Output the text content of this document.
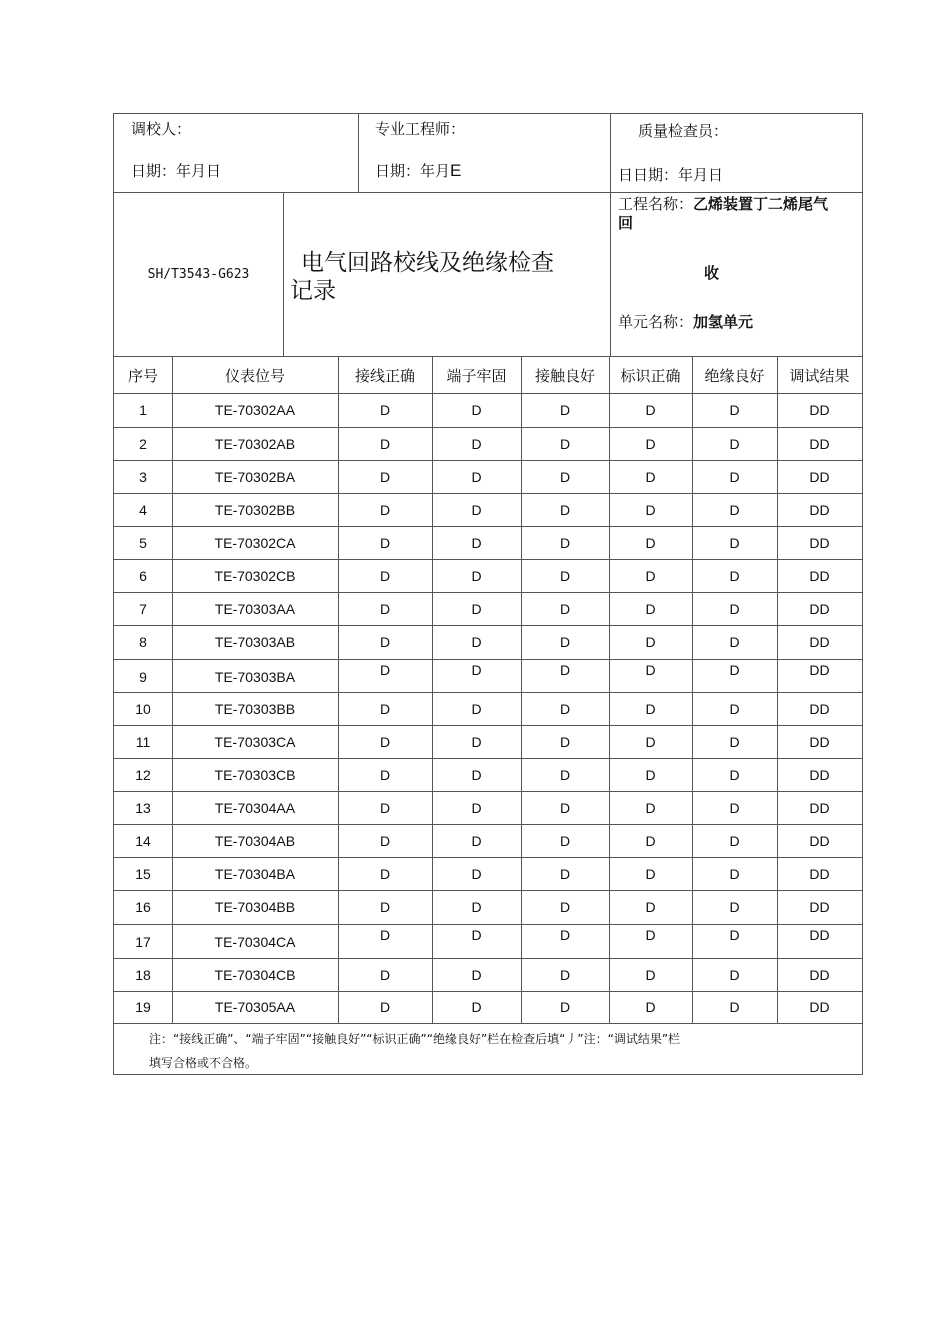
调校人：
日期：年月日
专业工程师：
日期：年月E
质量检查员：
日日期：年月日
SH/T3543-G623	电气回路校线及绝缘检查
记录
工程名称：乙烯装置丁二烯尾气
回
收
单元名称：加氢单元
注：“接线正确”、“端子牢固”“接触良好”“标识正确”“绝缘良好”栏在检查后填“丿”注：“调试结果”栏
填写合格或不合格。
序号	仪表位号	接线正确	端子牢固	接触良好	标识正确	绝缘良好	调试结果
1	TE-70302AA	D	D	D	D	D	DD
2	TE-70302AB	D	D	D	D	D	DD
3	TE-70302BA	D	D	D	D	D	DD
4	TE-70302BB	D	D	D	D	D	DD
5	TE-70302CA	D	D	D	D	D	DD
6	TE-70302CB	D	D	D	D	D	DD
7	TE-70303AA	D	D	D	D	D	DD
8	TE-70303AB	D	D	D	D	D	DD
9	TE-70303BA	D	D	D	D	D	DD
10	TE-70303BB	D	D	D	D	D	DD
11	TE-70303CA	D	D	D	D	D	DD
12	TE-70303CB	D	D	D	D	D	DD
13	TE-70304AA	D	D	D	D	D	DD
14	TE-70304AB	D	D	D	D	D	DD
15	TE-70304BA	D	D	D	D	D	DD
16	TE-70304BB	D	D	D	D	D	DD
17	TE-70304CA	D	D	D	D	D	DD
18	TE-70304CB	D	D	D	D	D	DD
19	TE-70305AA	D	D	D	D	D	DD
